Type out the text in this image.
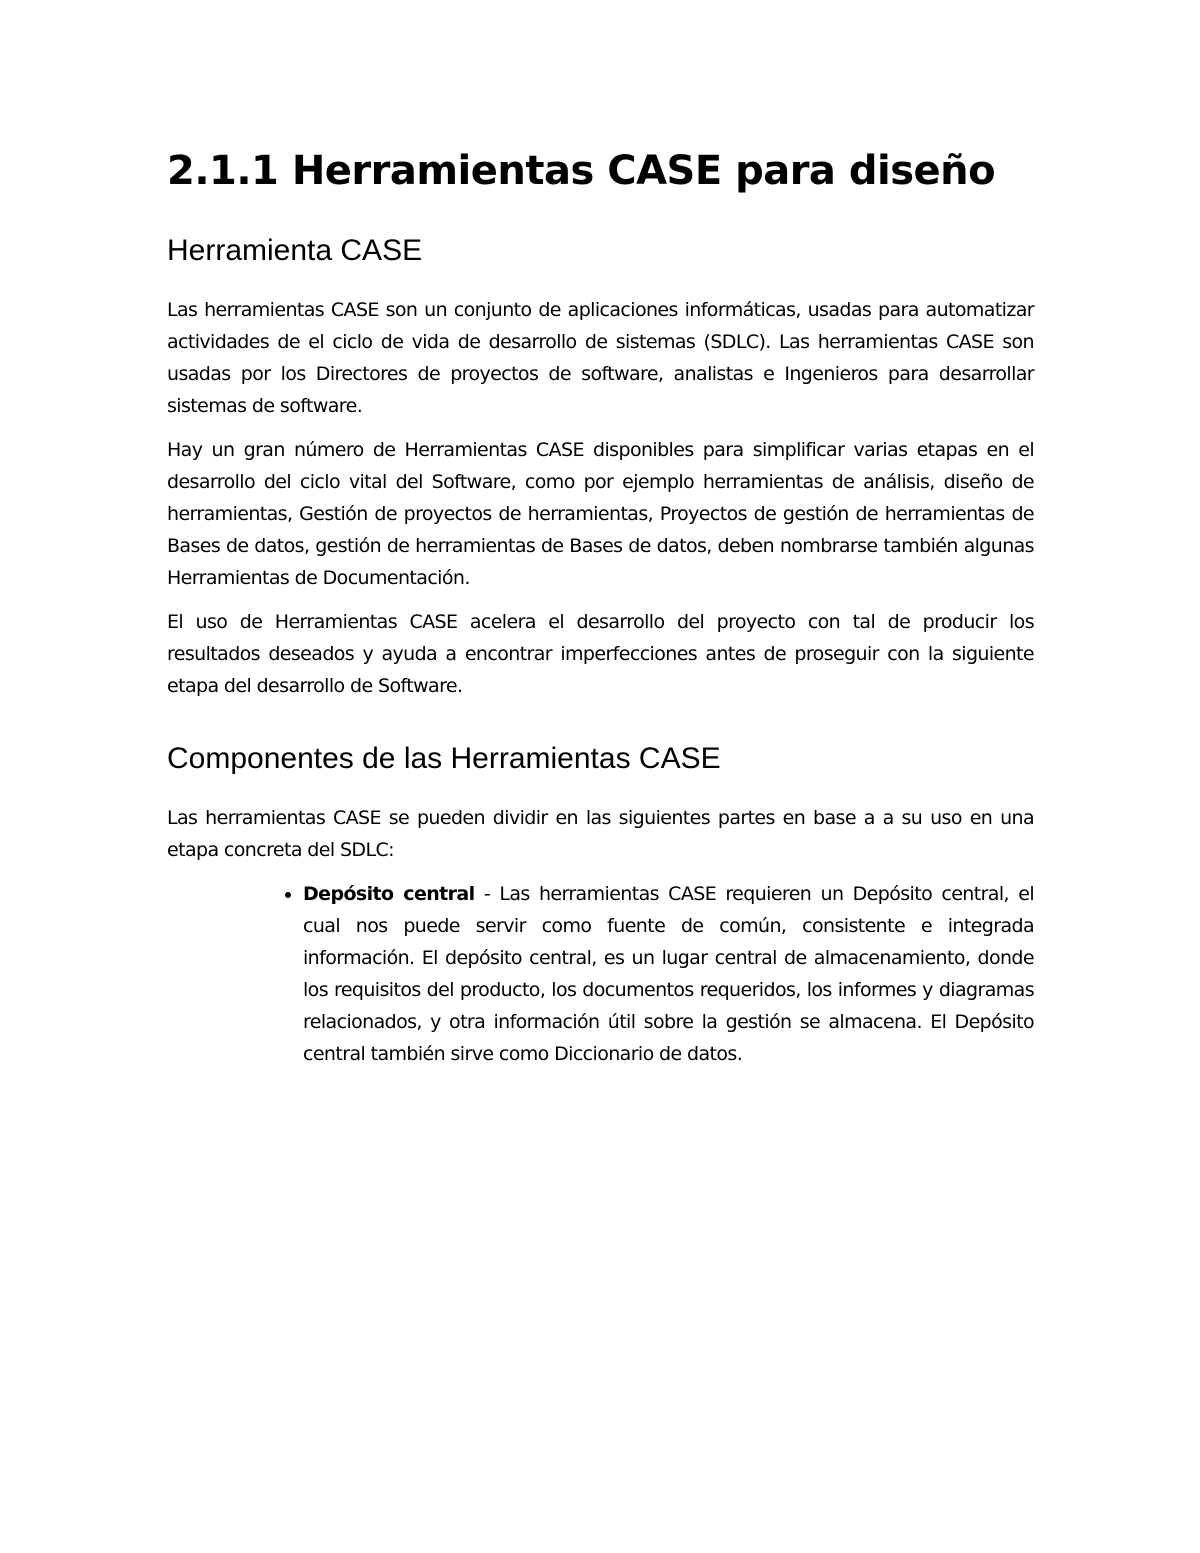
2.1.1 Herramientas CASE para diseño
Herramienta CASE

Las herramientas CASE son un conjunto de aplicaciones informáticas, usadas para automatizar actividades de el ciclo de vida de desarrollo de sistemas (SDLC). Las herramientas CASE son usadas por los Directores de proyectos de software, analistas e Ingenieros para desarrollar sistemas de software.

Hay un gran número de Herramientas CASE disponibles para simplificar varias etapas en el desarrollo del ciclo vital del Software, como por ejemplo herramientas de análisis, diseño de herramientas, Gestión de proyectos de herramientas, Proyectos de gestión de herramientas de Bases de datos, gestión de herramientas de Bases de datos, deben nombrarse también algunas Herramientas de Documentación.

El uso de Herramientas CASE acelera el desarrollo del proyecto con tal de producir los resultados deseados y ayuda a encontrar imperfecciones antes de proseguir con la siguiente etapa del desarrollo de Software.

Componentes de las Herramientas CASE

Las herramientas CASE se pueden dividir en las siguientes partes en base a a su uso en una etapa concreta del SDLC:

• Depósito central - Las herramientas CASE requieren un Depósito central, el cual nos puede servir como fuente de común, consistente e integrada información. El depósito central, es un lugar central de almacenamiento, donde los requisitos del producto, los documentos requeridos, los informes y diagramas relacionados, y otra información útil sobre la gestión se almacena. El Depósito central también sirve como Diccionario de datos.
